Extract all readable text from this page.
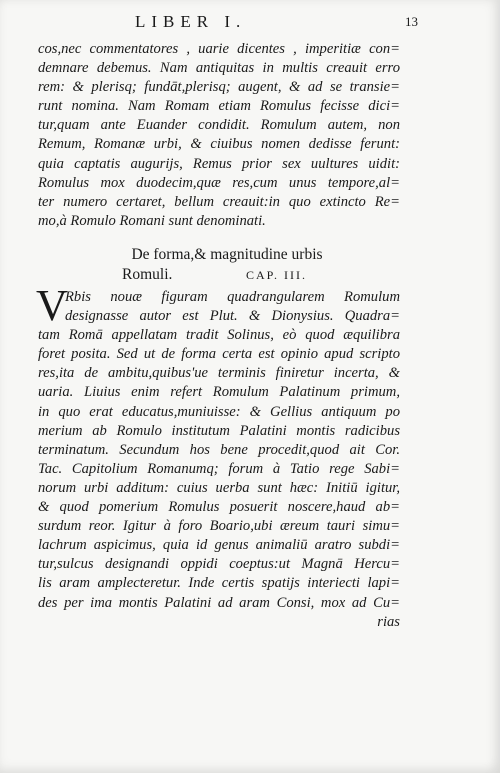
LIBER I.	13
cos,nec commentatores , uarie dicentes , imperitiæ con=
demnare debemus. Nam antiquitas in multis creauit erro
rem: & plerisq; fundāt,plerisq; augent, & ad se transie=
runt nomina. Nam Romam etiam Romulus fecisse dici=
tur,quam ante Euander condidit. Romulum autem, non
Remum, Romanæ urbi, & ciuibus nomen dedisse ferunt:
quia captatis augurijs, Remus prior sex uultures uidit:
Romulus mox duodecim,quæ res,cum unus tempore,al=
ter numero certaret, bellum creauit:in quo extincto Re=
mo,à Romulo Romani sunt denominati.
De forma,& magnitudine urbis
Romuli.	CAP. III.
V
Rbis nouæ figuram quadrangularem Romulum
designasse autor est Plut. & Dionysius. Quadra=
tam Romā appellatam tradit Solinus, eò quod æquilibra
foret posita. Sed ut de forma certa est opinio apud scripto
res,ita de ambitu,quibus'ue terminis finiretur incerta, &
uaria. Liuius enim refert Romulum Palatinum primum,
in quo erat educatus,muniuisse: & Gellius antiquum po
merium ab Romulo institutum Palatini montis radicibus
terminatum. Secundum hos bene procedit,quod ait Cor.
Tac. Capitolium Romanumq; forum à Tatio rege Sabi=
norum urbi additum: cuius uerba sunt hæc: Initiū igitur,
& quod pomerium Romulus posuerit noscere,haud ab=
surdum reor. Igitur à foro Boario,ubi æreum tauri simu=
lachrum aspicimus, quia id genus animaliū aratro subdi=
tur,sulcus designandi oppidi coeptus:ut Magnā Hercu=
lis aram amplecteretur. Inde certis spatijs interiecti lapi=
des per ima montis Palatini ad aram Consi, mox ad Cu=
rias
